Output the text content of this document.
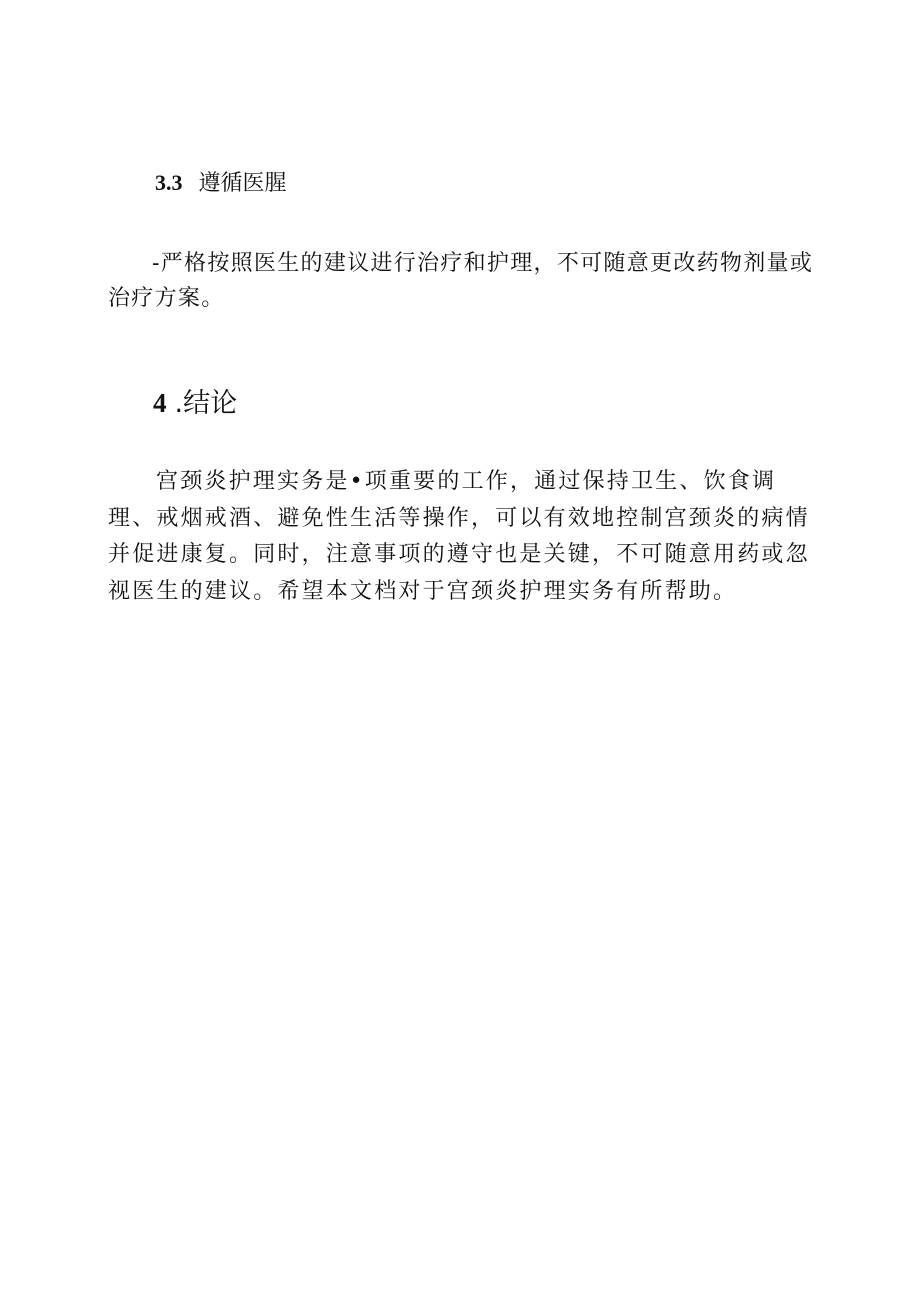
3.3 遵循医腥

-严格按照医生的建议进行治疗和护理，不可随意更改药物剂量或治疗方案。

4 .结论

宫颈炎护理实务是•项重要的工作，通过保持卫生、饮食调理、戒烟戒酒、避免性生活等操作，可以有效地控制宫颈炎的病情并促进康复。同时，注意事项的遵守也是关键，不可随意用药或忽视医生的建议。希望本文档对于宫颈炎护理实务有所帮助。
